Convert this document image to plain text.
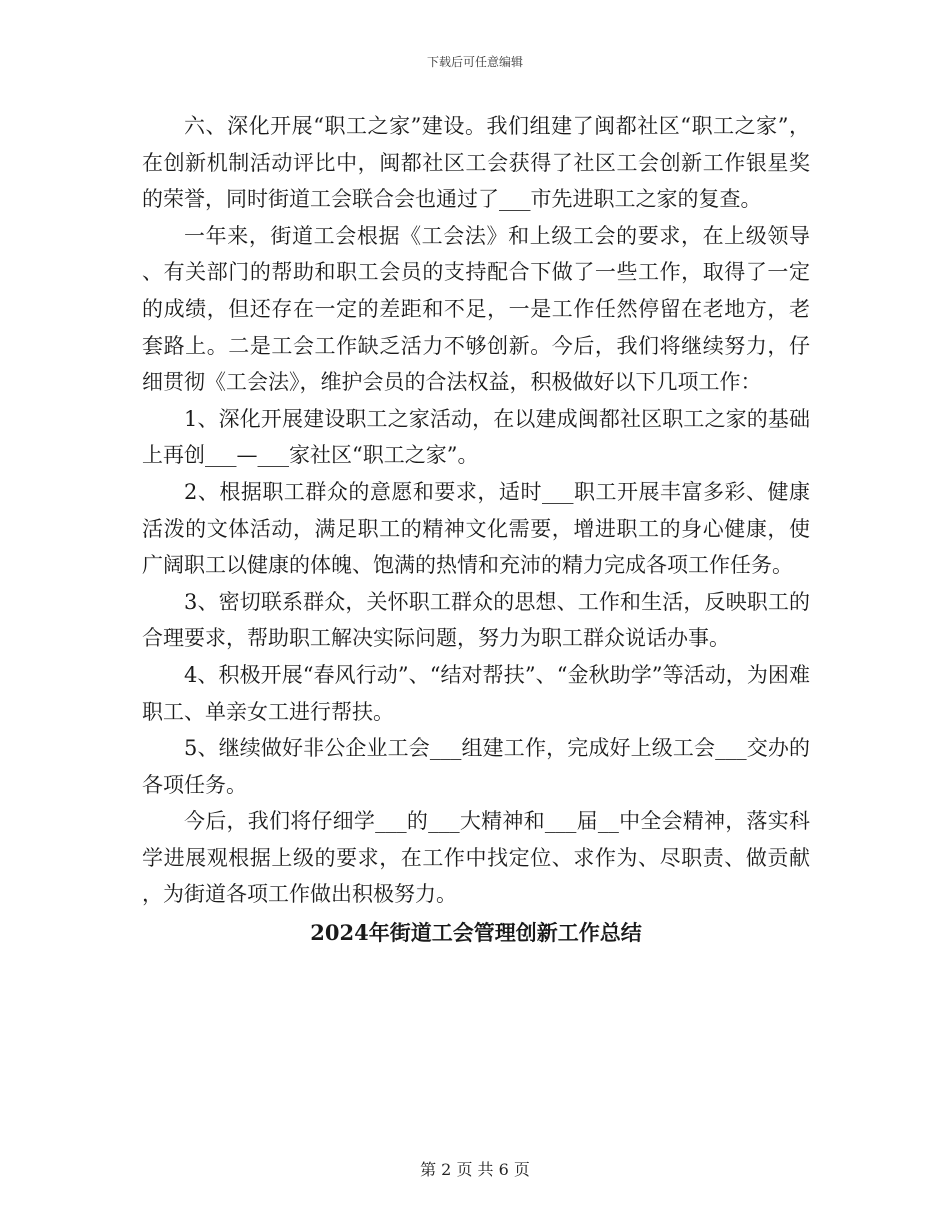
下载后可任意编辑

六、深化开展“职工之家”建设。我们组建了闽都社区“职工之家”，在创新机制活动评比中，闽都社区工会获得了社区工会创新工作银星奖的荣誉，同时街道工会联合会也通过了___市先进职工之家的复查。

一年来，街道工会根据《工会法》和上级工会的要求，在上级领导、有关部门的帮助和职工会员的支持配合下做了一些工作，取得了一定的成绩，但还存在一定的差距和不足，一是工作任然停留在老地方，老套路上。二是工会工作缺乏活力不够创新。今后，我们将继续努力，仔细贯彻《工会法》，维护会员的合法权益，积极做好以下几项工作：

1、深化开展建设职工之家活动，在以建成闽都社区职工之家的基础上再创___—___家社区“职工之家”。

2、根据职工群众的意愿和要求，适时___职工开展丰富多彩、健康活泼的文体活动，满足职工的精神文化需要，增进职工的身心健康，使广阔职工以健康的体魄、饱满的热情和充沛的精力完成各项工作任务。

3、密切联系群众，关怀职工群众的思想、工作和生活，反映职工的合理要求，帮助职工解决实际问题，努力为职工群众说话办事。

4、积极开展“春风行动”、“结对帮扶”、“金秋助学”等活动，为困难职工、单亲女工进行帮扶。

5、继续做好非公企业工会___组建工作，完成好上级工会___交办的各项任务。

今后，我们将仔细学___的___大精神和___届__中全会精神，落实科学进展观根据上级的要求，在工作中找定位、求作为、尽职责、做贡献，为街道各项工作做出积极努力。

2024年街道工会管理创新工作总结
第 2 页 共 6 页
